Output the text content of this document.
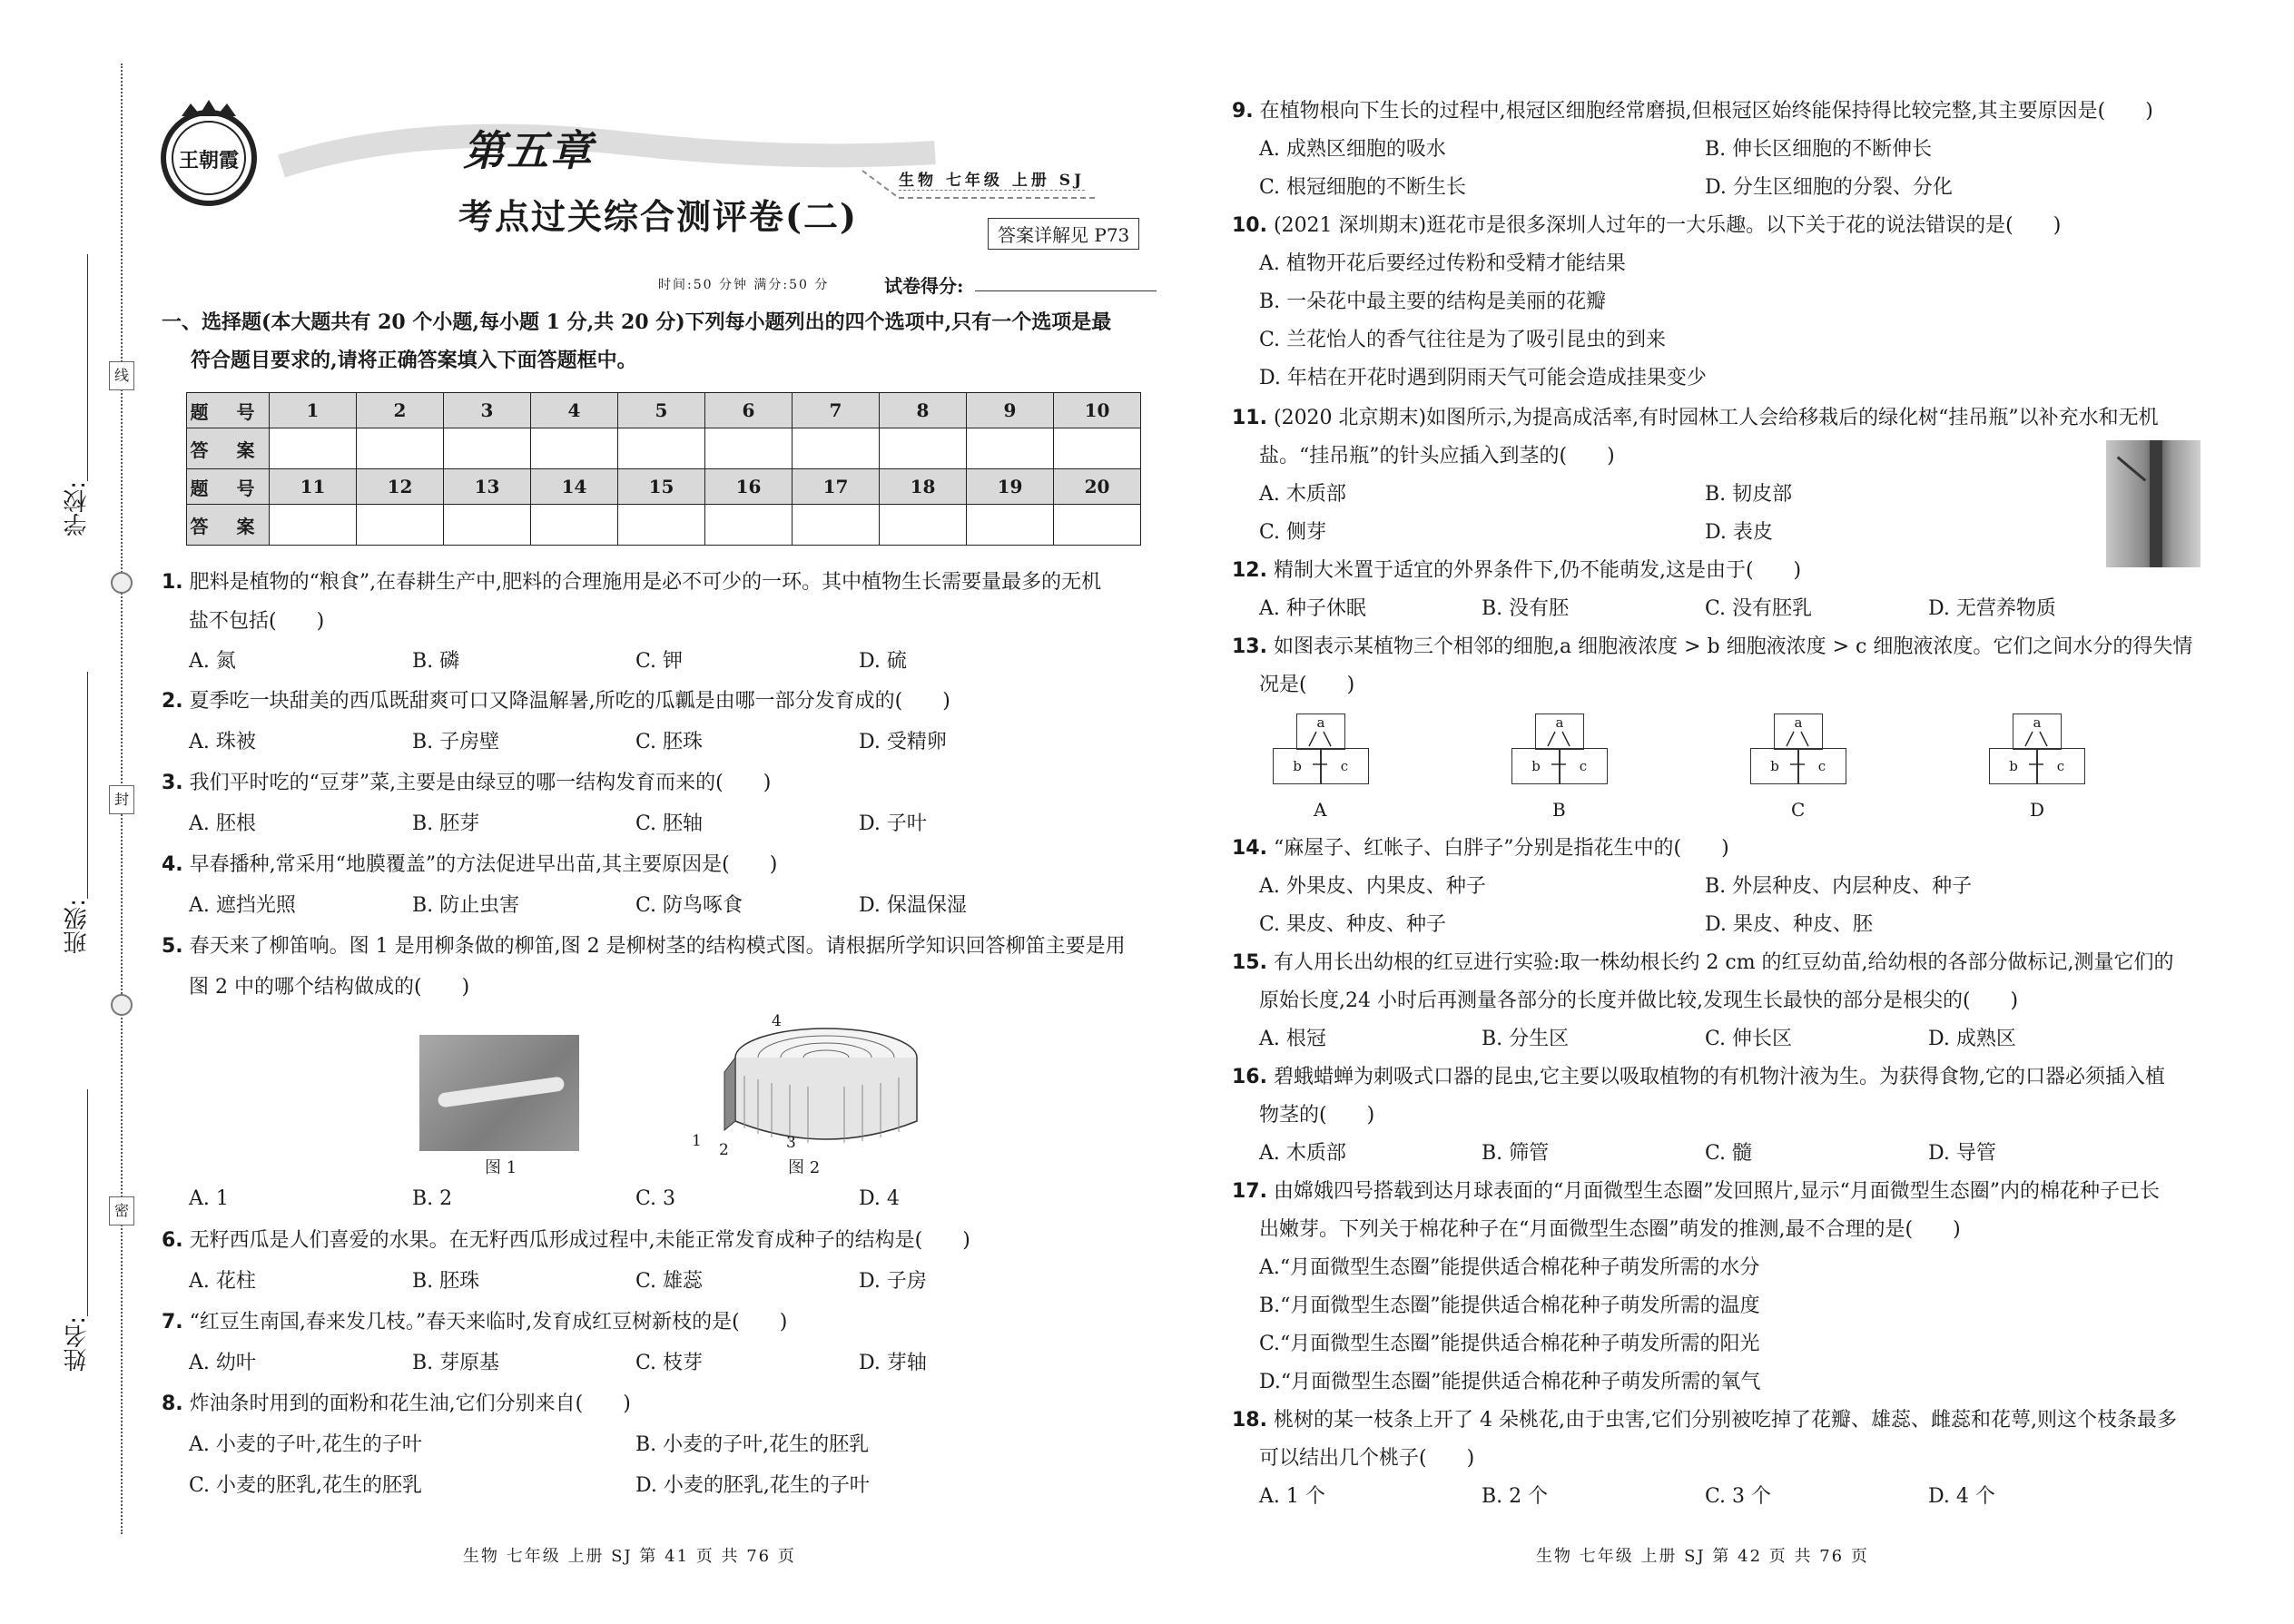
线
封
密
学校:
班级:
姓名:
王朝霞	第五章
考点过关综合测评卷(二)
生物 七年级 上册 SJ
答案详解见 P73
时间:50 分钟 满分:50 分	试卷得分:
一、选择题(本大题共有 20 个小题,每小题 1 分,共 20 分)下列每小题列出的四个选项中,只有一个选项是最
符合题目要求的,请将正确答案填入下面答题框中。
题 号	1	2	3	4	5	6	7	8	9	10
答 案										
题 号	11	12	13	14	15	16	17	18	19	20
答 案										
1. 肥料是植物的“粮食”,在春耕生产中,肥料的合理施用是必不可少的一环。其中植物生长需要量最多的无机
盐不包括(　　)
A. 氮	B. 磷	C. 钾	D. 硫
2. 夏季吃一块甜美的西瓜既甜爽可口又降温解暑,所吃的瓜瓤是由哪一部分发育成的(　　)
A. 珠被	B. 子房壁	C. 胚珠	D. 受精卵
3. 我们平时吃的“豆芽”菜,主要是由绿豆的哪一结构发育而来的(　　)
A. 胚根	B. 胚芽	C. 胚轴	D. 子叶
4. 早春播种,常采用“地膜覆盖”的方法促进早出苗,其主要原因是(　　)
A. 遮挡光照	B. 防止虫害	C. 防鸟啄食	D. 保温保湿
5. 春天来了柳笛响。图 1 是用柳条做的柳笛,图 2 是柳树茎的结构模式图。请根据所学知识回答柳笛主要是用
图 2 中的哪个结构做成的(　　)
图 1
4
1 2	3
图 2
A. 1	B. 2	C. 3	D. 4
6. 无籽西瓜是人们喜爱的水果。在无籽西瓜形成过程中,未能正常发育成种子的结构是(　　)
A. 花柱	B. 胚珠	C. 雄蕊	D. 子房
7. “红豆生南国,春来发几枝。”春天来临时,发育成红豆树新枝的是(　　)
A. 幼叶	B. 芽原基	C. 枝芽	D. 芽轴
8. 炸油条时用到的面粉和花生油,它们分别来自(　　)
A. 小麦的子叶,花生的子叶	B. 小麦的子叶,花生的胚乳
C. 小麦的胚乳,花生的胚乳	D. 小麦的胚乳,花生的子叶
生物 七年级 上册 SJ 第 41 页 共 76 页
9. 在植物根向下生长的过程中,根冠区细胞经常磨损,但根冠区始终能保持得比较完整,其主要原因是(　　)
A. 成熟区细胞的吸水	B. 伸长区细胞的不断伸长
C. 根冠细胞的不断生长	D. 分生区细胞的分裂、分化
10. (2021 深圳期末)逛花市是很多深圳人过年的一大乐趣。以下关于花的说法错误的是(　　)
A. 植物开花后要经过传粉和受精才能结果
B. 一朵花中最主要的结构是美丽的花瓣
C. 兰花怡人的香气往往是为了吸引昆虫的到来
D. 年桔在开花时遇到阴雨天气可能会造成挂果变少
11. (2020 北京期末)如图所示,为提高成活率,有时园林工人会给移栽后的绿化树“挂吊瓶”以补充水和无机
盐。“挂吊瓶”的针头应插入到茎的(　　)
A. 木质部	B. 韧皮部
C. 侧芽	D. 表皮
12. 精制大米置于适宜的外界条件下,仍不能萌发,这是由于(　　)
A. 种子休眠	B. 没有胚	C. 没有胚乳	D. 无营养物质
13. 如图表示某植物三个相邻的细胞,a 细胞液浓度 > b 细胞液浓度 > c 细胞液浓度。它们之间水分的得失情
况是(　　)
a
b	c
A
a
b	c
B
a
b	c
C
a
b	c
D
14. “麻屋子、红帐子、白胖子”分别是指花生中的(　　)
A. 外果皮、内果皮、种子	B. 外层种皮、内层种皮、种子
C. 果皮、种皮、种子	D. 果皮、种皮、胚
15. 有人用长出幼根的红豆进行实验:取一株幼根长约 2 cm 的红豆幼苗,给幼根的各部分做标记,测量它们的
原始长度,24 小时后再测量各部分的长度并做比较,发现生长最快的部分是根尖的(　　)
A. 根冠	B. 分生区	C. 伸长区	D. 成熟区
16. 碧蛾蜡蝉为刺吸式口器的昆虫,它主要以吸取植物的有机物汁液为生。为获得食物,它的口器必须插入植
物茎的(　　)
A. 木质部	B. 筛管	C. 髓	D. 导管
17. 由嫦娥四号搭载到达月球表面的“月面微型生态圈”发回照片,显示“月面微型生态圈”内的棉花种子已长
出嫩芽。下列关于棉花种子在“月面微型生态圈”萌发的推测,最不合理的是(　　)
A.“月面微型生态圈”能提供适合棉花种子萌发所需的水分
B.“月面微型生态圈”能提供适合棉花种子萌发所需的温度
C.“月面微型生态圈”能提供适合棉花种子萌发所需的阳光
D.“月面微型生态圈”能提供适合棉花种子萌发所需的氧气
18. 桃树的某一枝条上开了 4 朵桃花,由于虫害,它们分别被吃掉了花瓣、雄蕊、雌蕊和花萼,则这个枝条最多
可以结出几个桃子(　　)
A. 1 个	B. 2 个	C. 3 个	D. 4 个
生物 七年级 上册 SJ 第 42 页 共 76 页
